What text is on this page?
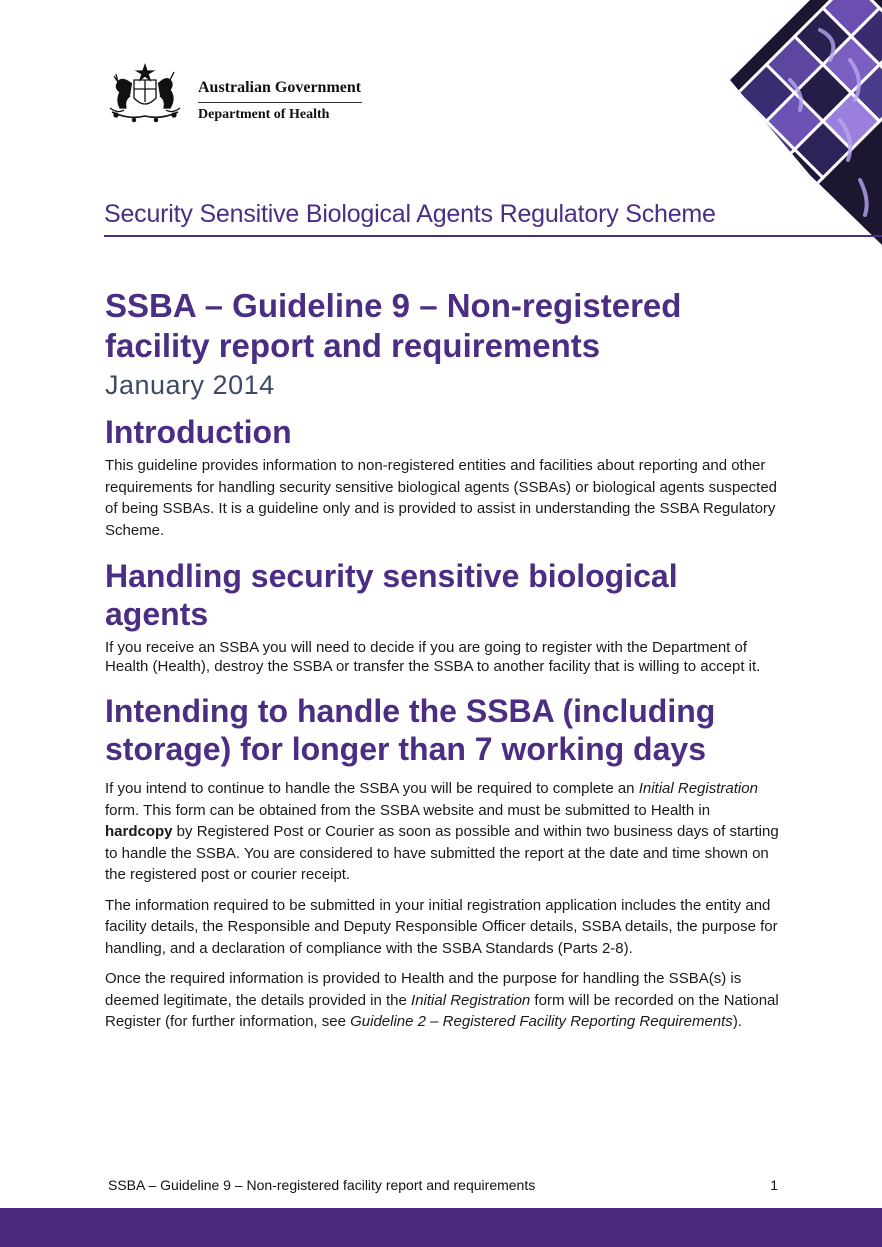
Australian Government
Department of Health
Security Sensitive Biological Agents Regulatory Scheme
SSBA – Guideline 9 – Non-registered facility report and requirements
January 2014
Introduction

This guideline provides information to non-registered entities and facilities about reporting and other requirements for handling security sensitive biological agents (SSBAs) or biological agents suspected of being SSBAs. It is a guideline only and is provided to assist in understanding the SSBA Regulatory Scheme.

Handling security sensitive biological agents

If you receive an SSBA you will need to decide if you are going to register with the Department of Health (Health), destroy the SSBA or transfer the SSBA to another facility that is willing to accept it.

Intending to handle the SSBA (including storage) for longer than 7 working days

If you intend to continue to handle the SSBA you will be required to complete an Initial Registration form. This form can be obtained from the SSBA website and must be submitted to Health in hardcopy by Registered Post or Courier as soon as possible and within two business days of starting to handle the SSBA. You are considered to have submitted the report at the date and time shown on the registered post or courier receipt.

The information required to be submitted in your initial registration application includes the entity and facility details, the Responsible and Deputy Responsible Officer details, SSBA details, the purpose for handling, and a declaration of compliance with the SSBA Standards (Parts 2-8).

Once the required information is provided to Health and the purpose for handling the SSBA(s) is deemed legitimate, the details provided in the Initial Registration form will be recorded on the National Register (for further information, see Guideline 2 – Registered Facility Reporting Requirements).

SSBA – Guideline 9 – Non-registered facility report and requirements	1
